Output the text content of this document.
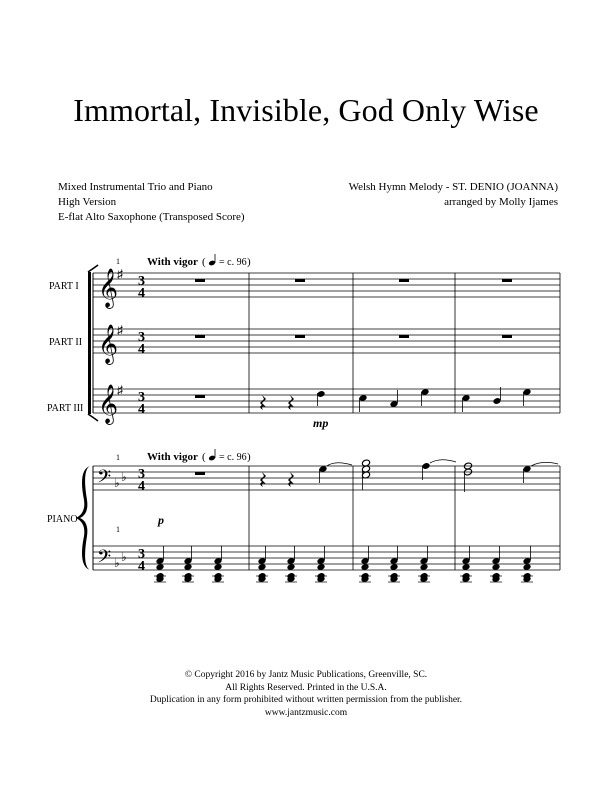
Immortal, Invisible, God Only Wise
Mixed Instrumental Trio and Piano
High Version
E-flat Alto Saxophone (Transposed Score)
Welsh Hymn Melody - ST. DENIO (JOANNA)
arranged by Molly Ijames
1 With vigor ( = c. 96 )
PART I
PART II
PART III
𝄞
𝄞
𝄞
♯
♯
♯
3
4
3
4
3
4
mp
With vigor ( = c. 96 )
1
1
PIANO
𝄢
𝄢
♭ ♭
♭ ♭
3
4
3
4
p
© Copyright 2016 by Jantz Music Publications, Greenville, SC.
All Rights Reserved. Printed in the U.S.A.
Duplication in any form prohibited without written permission from the publisher.
www.jantzmusic.com
